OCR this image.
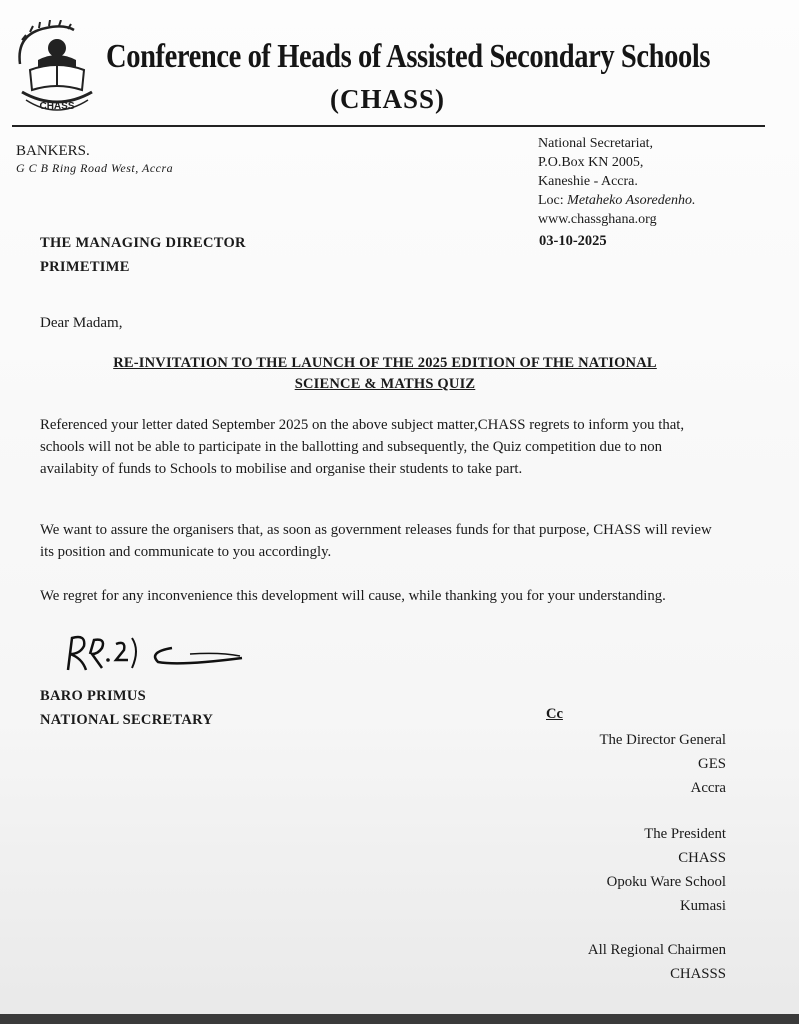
CHASS
Conference of Heads of Assisted Secondary Schools
(CHASS)
BANKERS.
G C B Ring Road West, Accra
National Secretariat,
P.O.Box KN 2005,
Kaneshie - Accra.
Loc: Metaheko Asoredenho.
www.chassghana.org
THE MANAGING DIRECTOR
PRIMETIME
03-10-2025
Dear Madam,
RE-INVITATION TO THE LAUNCH OF THE 2025 EDITION OF THE NATIONAL
SCIENCE & MATHS QUIZ

Referenced your letter dated September 2025 on the above subject matter,CHASS regrets to inform you that, schools will not be able to participate in the ballotting and subsequently, the Quiz competition due to non availabity of funds to Schools to mobilise and organise their students to take part.

We want to assure the organisers that, as soon as government releases funds for that purpose, CHASS will review its position and communicate to you accordingly.

We regret for any inconvenience this development will cause, while thanking you for your understanding.

BARO PRIMUS
NATIONAL SECRETARY	Cc
The Director General
GES
Accra
The President
CHASS
Opoku Ware School
Kumasi
All Regional Chairmen
CHASSS
